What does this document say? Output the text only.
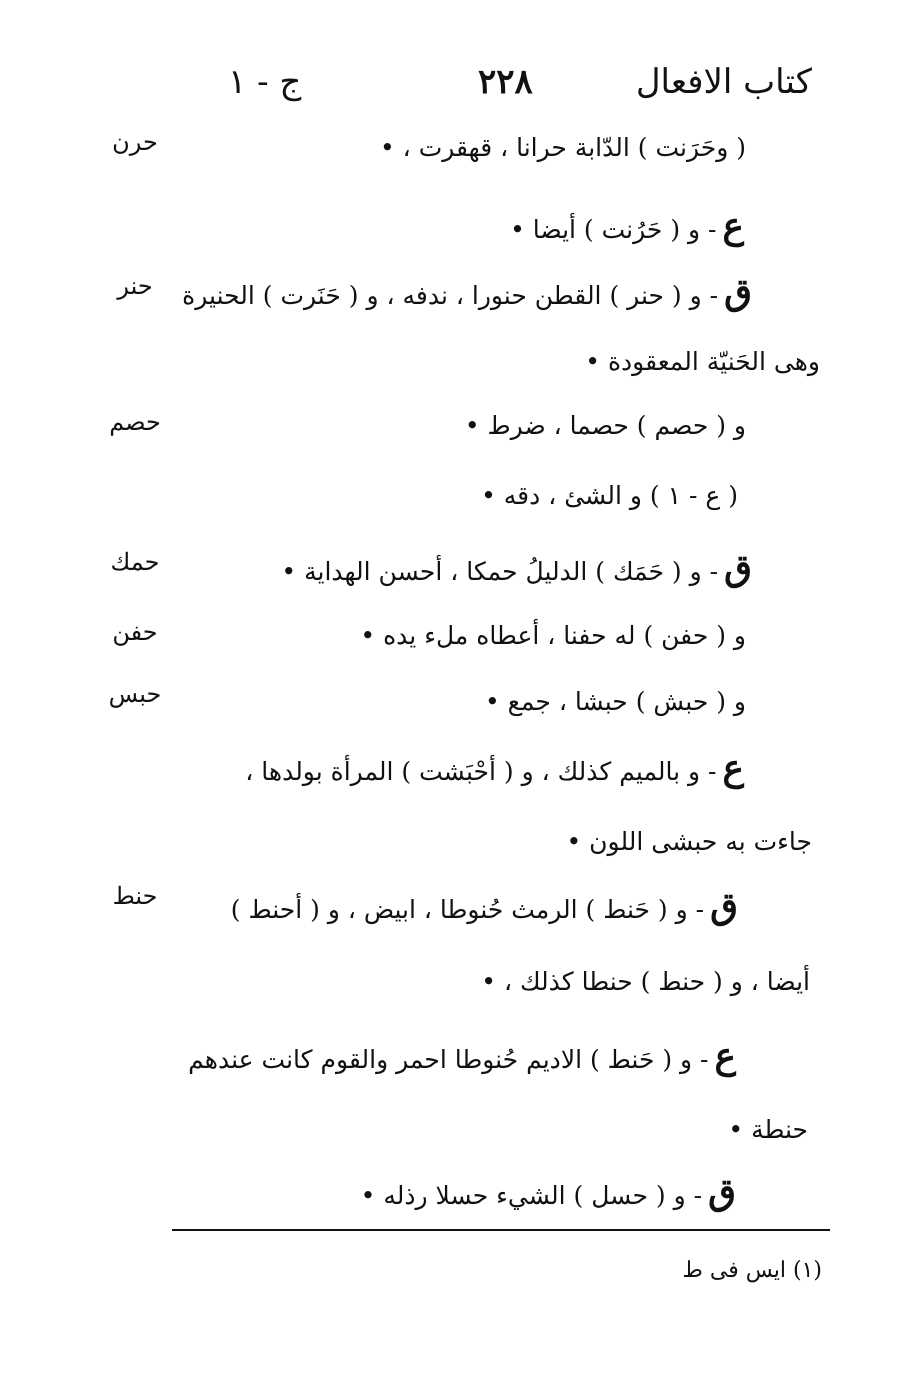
كتاب الافعال
٢٢٨
ج - ١
حرن	( وحَرَنت ) الدّابة حرانا ، قهقرت ، •
ع- و ( حَرُنت ) أيضا •
حنر	ق- و ( حنر ) القطن حنورا ، ندفه ، و ( حَنَرت ) الحنيرة
وهى الحَنيّة المعقودة •
حصم	و ( حصم ) حصما ، ضرط •
( ع - ١ ) و الشئ ، دقه •
حمك	ق- و ( حَمَك ) الدليلُ حمكا ، أحسن الهداية •
حفن	و ( حفن ) له حفنا ، أعطاه ملء يده •
حبس	و ( حبش ) حبشا ، جمع •
ع- و بالميم كذلك ، و ( أحْبَشت ) المرأة بولدها ،
جاءت به حبشى اللون •
حنط	ق- و ( حَنط ) الرمث حُنوطا ، ابيض ، و ( أحنط )
أيضا ، و ( حنط ) حنطا كذلك ، •
ع- و ( حَنط ) الاديم حُنوطا احمر والقوم كانت عندهم
حنطة •
ق- و ( حسل ) الشيء حسلا رذله •
(١) ايس فى ط
